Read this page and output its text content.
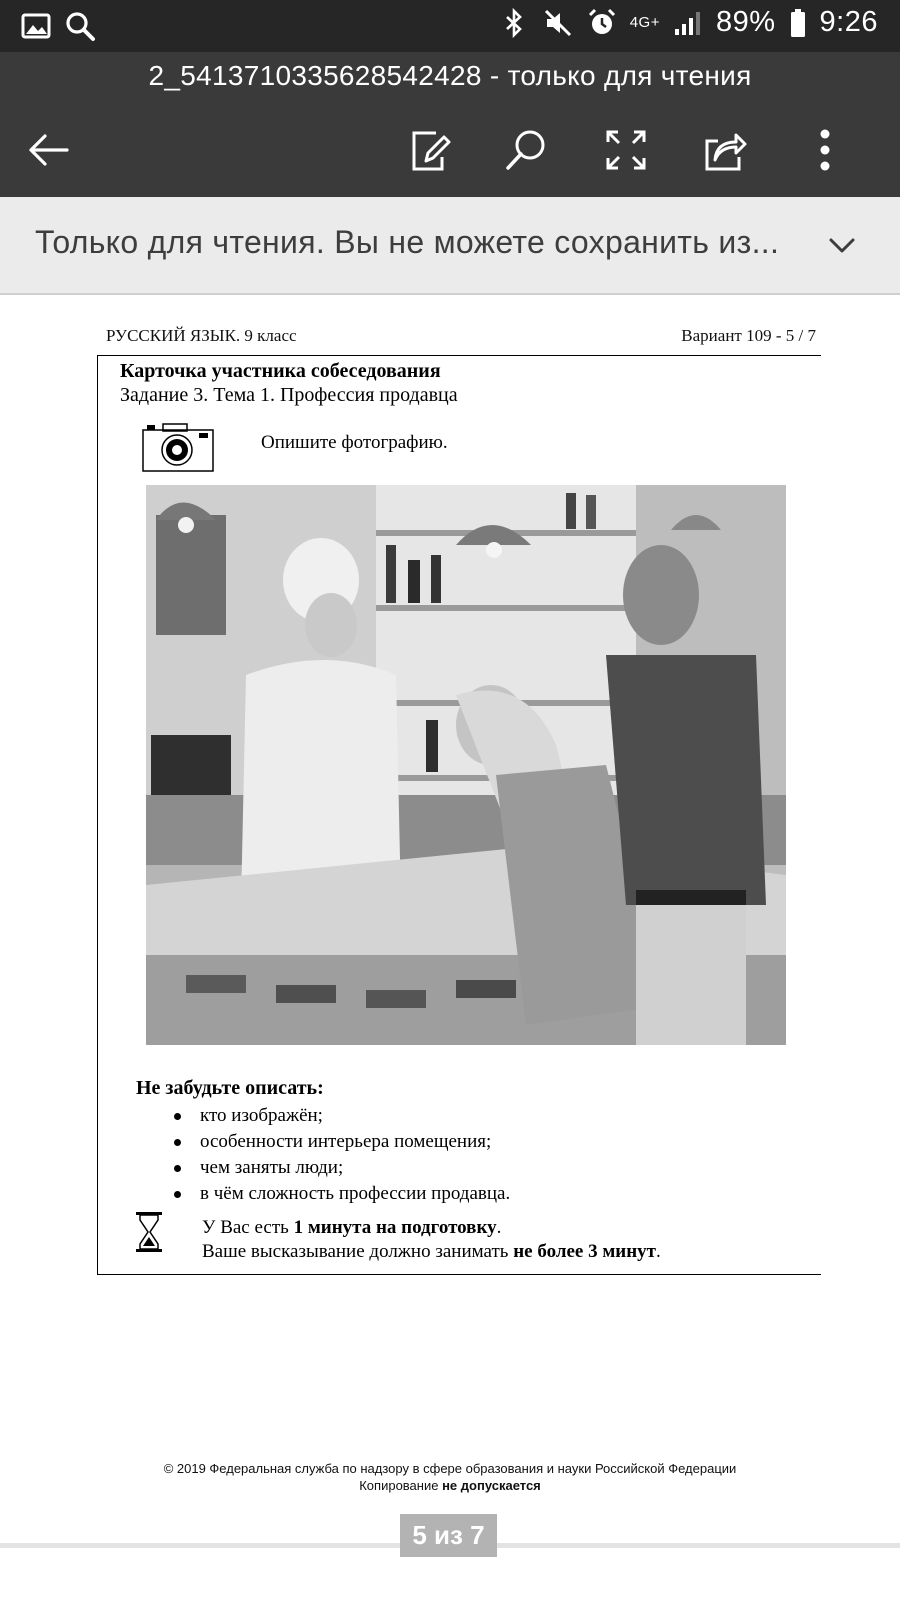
4G+ 89% 9:26
2_5413710335628542428 - только для чтения
Только для чтения. Вы не можете сохранить из...
РУССКИЙ ЯЗЫК. 9 класс	Вариант 109 - 5 / 7
Карточка участника собеседования
Задание 3. Тема 1. Профессия продавца
Опишите фотографию.
Не забудьте описать:
кто изображён;
особенности интерьера помещения;
чем заняты люди;
в чём сложность профессии продавца.
У Вас есть 1 минута на подготовку.
Ваше высказывание должно занимать не более 3 минут.
© 2019 Федеральная служба по надзору в сфере образования и науки Российской Федерации
Копирование не допускается
5 из 7
